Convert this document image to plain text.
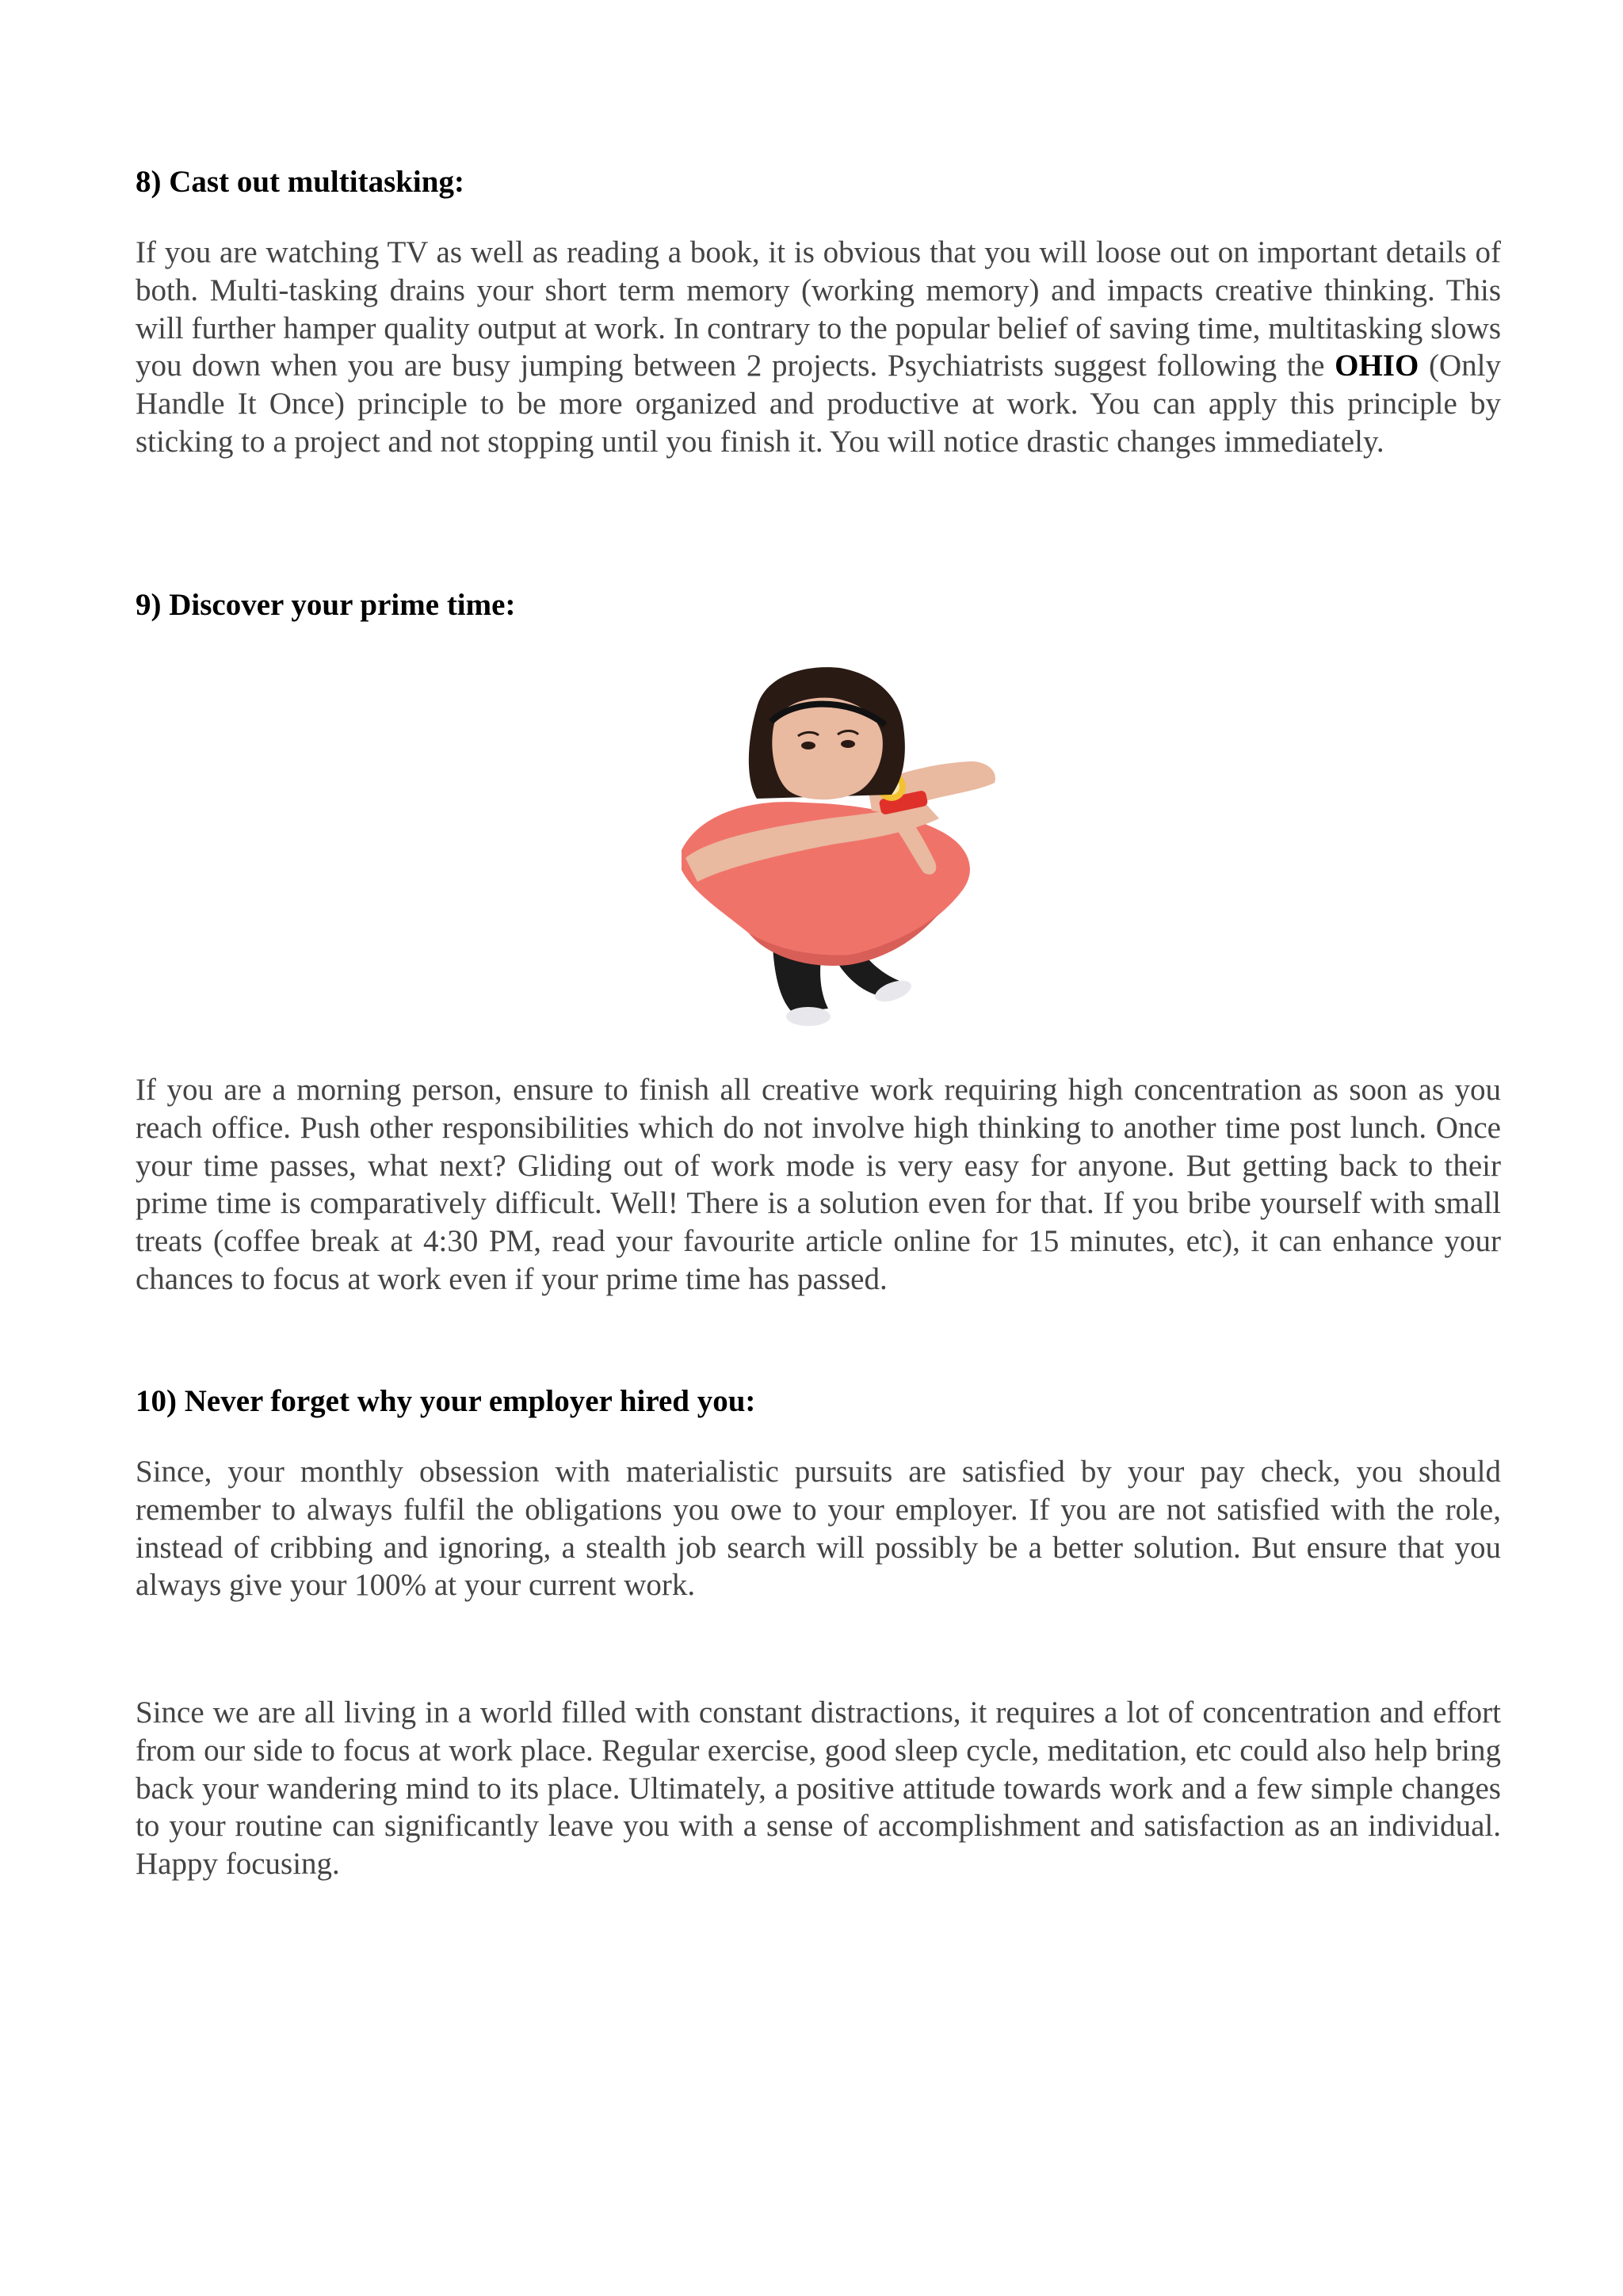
8) Cast out multitasking:

If you are watching TV as well as reading a book, it is obvious that you will loose out on important details of both. Multi-tasking drains your short term memory (working memory) and impacts creative thinking. This will further hamper quality output at work. In contrary to the popular belief of saving time, multitasking slows you down when you are busy jumping between 2 projects. Psychiatrists suggest following the OHIO (Only Handle It Once) principle to be more organized and productive at work. You can apply this principle by sticking to a project and not stopping until you finish it. You will notice drastic changes immediately.

9) Discover your prime time:

If you are a morning person, ensure to finish all creative work requiring high concentration as soon as you reach office. Push other responsibilities which do not involve high thinking to another time post lunch. Once your time passes, what next? Gliding out of work mode is very easy for anyone. But getting back to their prime time is comparatively difficult. Well! There is a solution even for that. If you bribe yourself with small treats (coffee break at 4:30 PM, read your favourite article online for 15 minutes, etc), it can enhance your chances to focus at work even if your prime time has passed.

10) Never forget why your employer hired you:

Since, your monthly obsession with materialistic pursuits are satisfied by your pay check, you should remember to always fulfil the obligations you owe to your employer. If you are not satisfied with the role, instead of cribbing and ignoring, a stealth job search will possibly be a better solution. But ensure that you always give your 100% at your current work.

Since we are all living in a world filled with constant distractions, it requires a lot of concentration and effort from our side to focus at work place. Regular exercise, good sleep cycle, meditation, etc could also help bring back your wandering mind to its place. Ultimately, a positive attitude towards work and a few simple changes to your routine can significantly leave you with a sense of accomplishment and satisfaction as an individual. Happy focusing.
